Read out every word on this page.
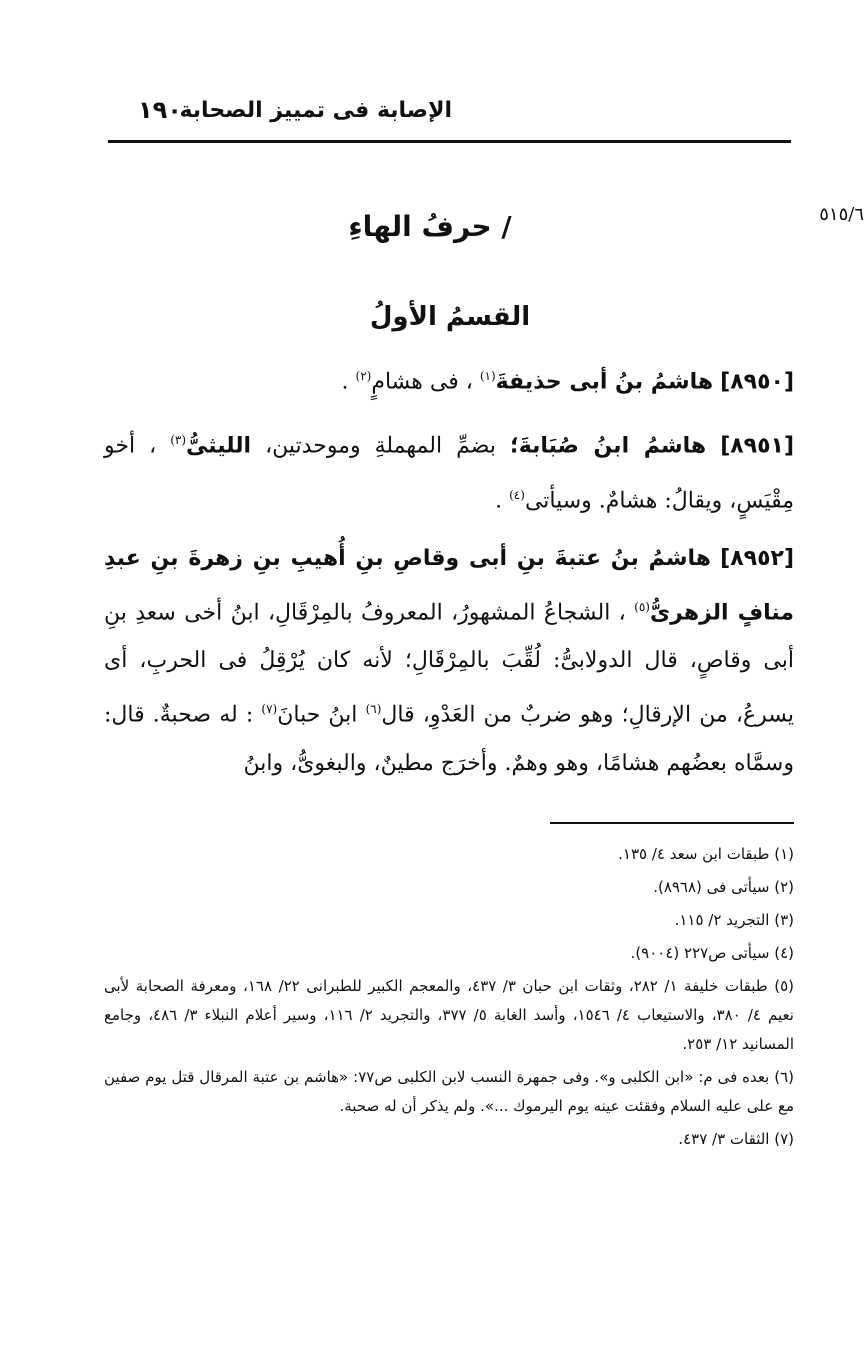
الإصابة فى تمييز الصحابة
١٩٠
٥١٥/٦
/ حرفُ الهاءِ
القسمُ الأولُ

[٨٩٥٠] هاشمُ بنُ أبى حذيفةَ$^{(١)}$ ، فى هشامٍ$^{(٢)}$ .

[٨٩٥١] هاشمُ ابنُ صُبَابةَ؛ بضمِّ المهملةِ وموحدتين، الليثىُّ$^{(٣)}$ ، أخو مِقْيَسٍ، ويقالُ: هشامٌ. وسيأتى$^{(٤)}$ .

[٨٩٥٢] هاشمُ بنُ عتبةَ بنِ أبى وقاصِ بنِ أُهيبِ بنِ زهرةَ بنِ عبدِ منافٍ الزهرىُّ$^{(٥)}$ ، الشجاعُ المشهورُ، المعروفُ بالمِرْقَالِ، ابنُ أخى سعدِ بنِ أبى وقاصٍ، قال الدولابىُّ: لُقِّبَ بالمِرْقَالِ؛ لأنه كان يُرْقِلُ فى الحربِ، أى يسرعُ، من الإرقالِ؛ وهو ضربٌ من العَدْوِ، قال$^{(٦)}$ ابنُ حبانَ$^{(٧)}$ : له صحبةٌ. قال: وسمَّاه بعضُهم هشامًا، وهو وهمٌ. وأخرَج مطينٌ، والبغوىُّ، وابنُ

(١) طبقات ابن سعد ٤/ ١٣٥.

(٢) سيأتى فى (٨٩٦٨).

(٣) التجريد ٢/ ١١٥.

(٤) سيأتى ص٢٢٧ (٩٠٠٤).

(٥) طبقات خليفة ١/ ٢٨٢، وثقات ابن حبان ٣/ ٤٣٧، والمعجم الكبير للطبرانى ٢٢/ ١٦٨، ومعرفة الصحابة لأبى نعيم ٤/ ٣٨٠، والاستيعاب ٤/ ١٥٤٦، وأسد الغابة ٥/ ٣٧٧، والتجريد ٢/ ١١٦، وسير أعلام النبلاء ٣/ ٤٨٦، وجامع المسانيد ١٢/ ٢٥٣.

(٦) بعده فى م: «ابن الكلبى و». وفى جمهرة النسب لابن الكلبى ص٧٧: «هاشم بن عتبة المرقال قتل يوم صفين مع على عليه السلام وفقئت عينه يوم اليرموك ...». ولم يذكر أن له صحبة.

(٧) الثقات ٣/ ٤٣٧.
